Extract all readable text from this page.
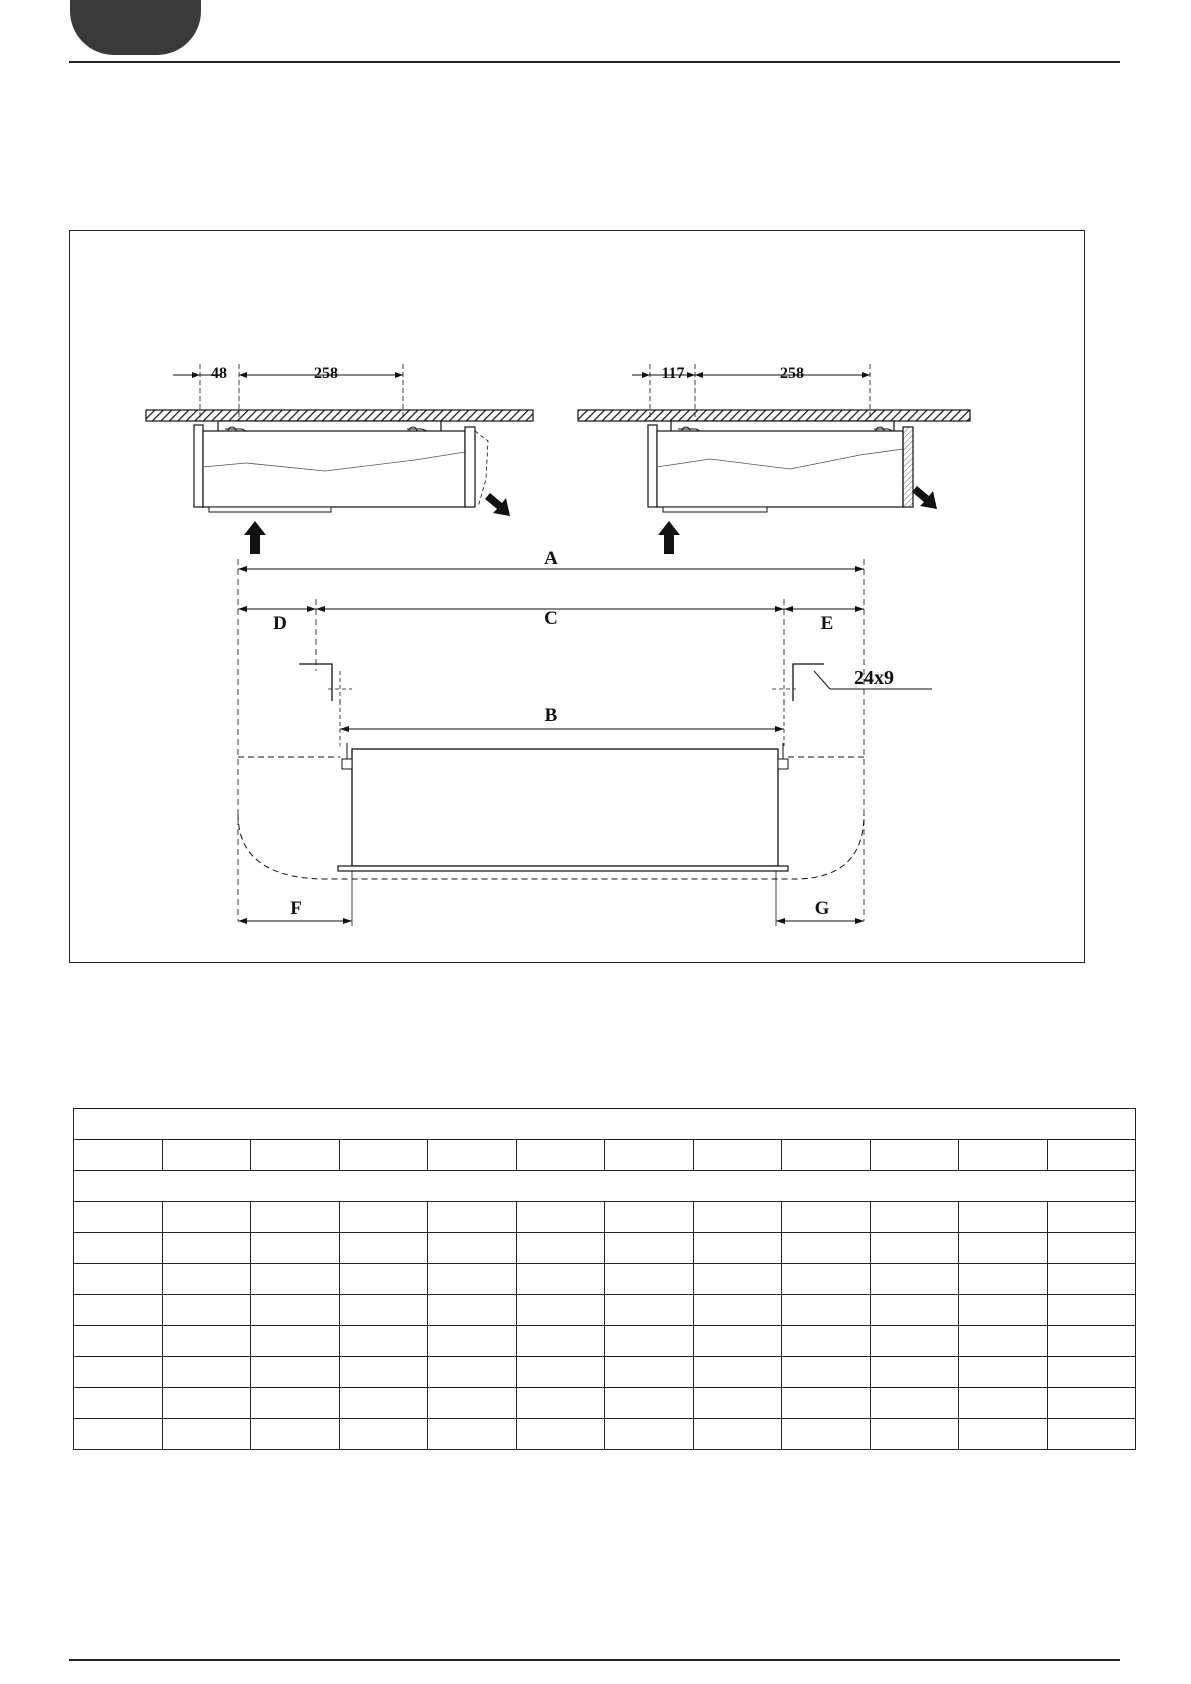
48	258	117	258
A
D	C	E
24x9
B
F	G
